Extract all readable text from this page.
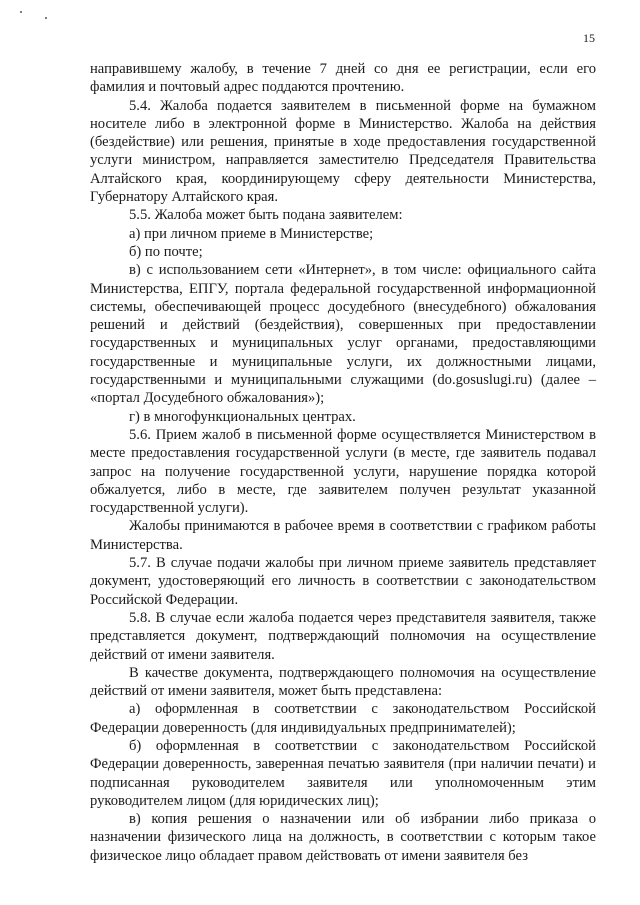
15

направившему жалобу, в течение 7 дней со дня ее регистрации, если его фамилия и почтовый адрес поддаются прочтению.

5.4. Жалоба подается заявителем в письменной форме на бумажном носителе либо в электронной форме в Министерство. Жалоба на действия (бездействие) или решения, принятые в ходе предоставления государственной услуги министром, направляется заместителю Председателя Правительства Алтайского края, координирующему сферу деятельности Министерства, Губернатору Алтайского края.

5.5. Жалоба может быть подана заявителем:

а) при личном приеме в Министерстве;

б) по почте;

в) с использованием сети «Интернет», в том числе: официального сайта Министерства, ЕПГУ, портала федеральной государственной информационной системы, обеспечивающей процесс досудебного (внесудебного) обжалования решений и действий (бездействия), совершенных при предоставлении государственных и муниципальных услуг органами, предоставляющими государственные и муниципальные услуги, их должностными лицами, государственными и муниципальными служащими (do.gosuslugi.ru) (далее – «портал Досудебного обжалования»);

г) в многофункциональных центрах.

5.6. Прием жалоб в письменной форме осуществляется Министерством в месте предоставления государственной услуги (в месте, где заявитель подавал запрос на получение государственной услуги, нарушение порядка которой обжалуется, либо в месте, где заявителем получен результат указанной государственной услуги).

Жалобы принимаются в рабочее время в соответствии с графиком работы Министерства.

5.7. В случае подачи жалобы при личном приеме заявитель представляет документ, удостоверяющий его личность в соответствии с законодательством Российской Федерации.

5.8. В случае если жалоба подается через представителя заявителя, также представляется документ, подтверждающий полномочия на осуществление действий от имени заявителя.

В качестве документа, подтверждающего полномочия на осуществление действий от имени заявителя, может быть представлена:

а) оформленная в соответствии с законодательством Российской Федерации доверенность (для индивидуальных предпринимателей);

б) оформленная в соответствии с законодательством Российской Федерации доверенность, заверенная печатью заявителя (при наличии печати) и подписанная руководителем заявителя или уполномоченным этим руководителем лицом (для юридических лиц);

в) копия решения о назначении или об избрании либо приказа о назначении физического лица на должность, в соответствии с которым такое физическое лицо обладает правом действовать от имени заявителя без
